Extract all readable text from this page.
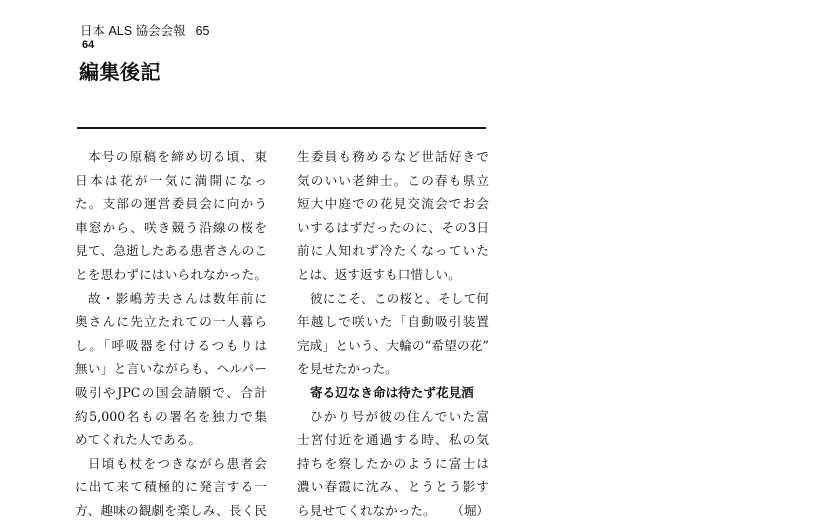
日本 ALS 協会会報 65
64
編集後記
本号の原稿を締め切る頃、東
日本は花が一気に満開になっ
た。支部の運営委員会に向かう
車窓から、咲き競う沿線の桜を
見て、急逝したある患者さんのこ
とを思わずにはいられなかった。
故・影嶋芳夫さんは数年前に
奥さんに先立たれての一人暮ら
し。「呼吸器を付けるつもりは
無い」と言いながらも、ヘルパー
吸引やJPCの国会請願で、合計
約5,000名もの署名を独力で集
めてくれた人である。
日頃も杖をつきながら患者会
に出て来て積極的に発言する一
方、趣味の観劇を楽しみ、長く民
生委員も務めるなど世話好きで
気のいい老紳士。この春も県立
短大中庭での花見交流会でお会
いするはずだったのに、その3日
前に人知れず冷たくなっていた
とは、返す返すも口惜しい。
彼にこそ、この桜と、そして何
年越しで咲いた「自動吸引装置
完成」という、大輪の“希望の花”
を見せたかった。
寄る辺なき命は待たず花見酒
ひかり号が彼の住んでいた富
士宮付近を通過する時、私の気
持ちを察したかのように富士は
濃い春霞に沈み、とうとう影す
ら見せてくれなかった。 （堀）
